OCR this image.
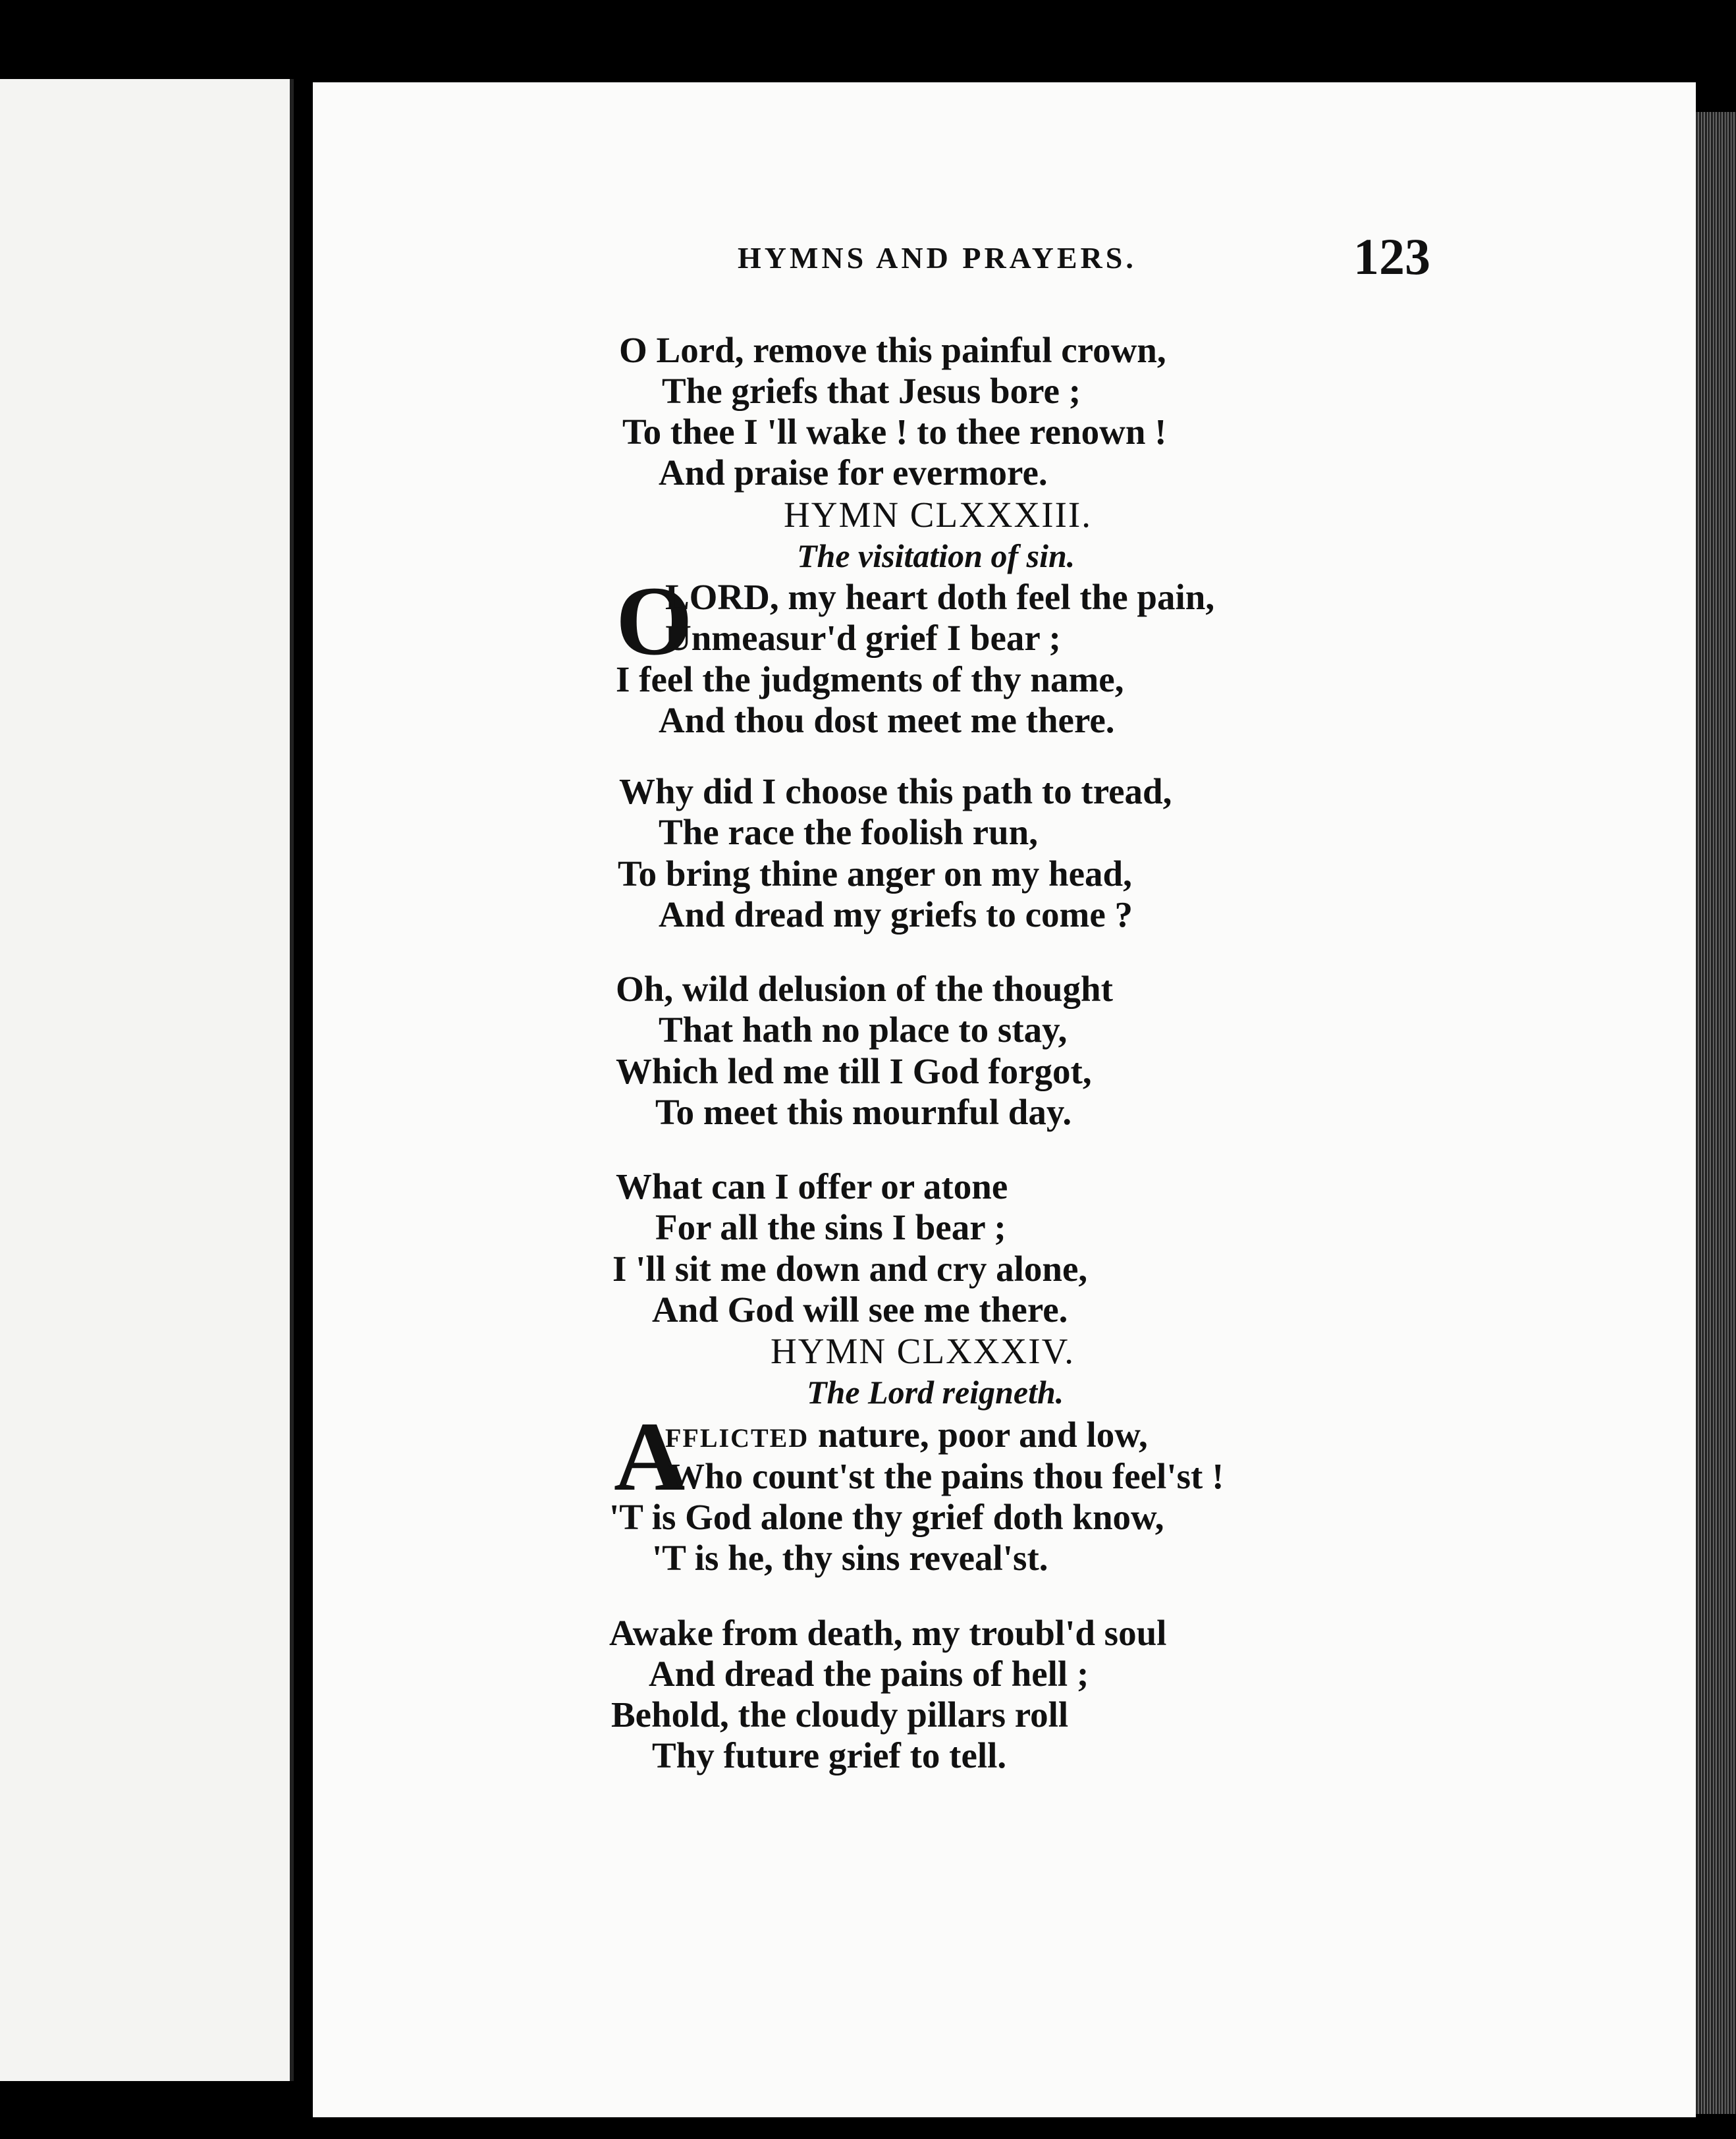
HYMNS AND PRAYERS.	123
O Lord, remove this painful crown,
The griefs that Jesus bore ;
To thee I 'll wake ! to thee renown !
And praise for evermore.
HYMN CLXXXIII.
The visitation of sin.
O
LORD, my heart doth feel the pain,
Unmeasur'd grief I bear ;
I feel the judgments of thy name,
And thou dost meet me there.
Why did I choose this path to tread,
The race the foolish run,
To bring thine anger on my head,
And dread my griefs to come ?
Oh, wild delusion of the thought
That hath no place to stay,
Which led me till I God forgot,
To meet this mournful day.
What can I offer or atone
For all the sins I bear ;
I 'll sit me down and cry alone,
And God will see me there.
HYMN CLXXXIV.
The Lord reigneth.
A
FFLICTED nature, poor and low,
Who count'st the pains thou feel'st !
'T is God alone thy grief doth know,
'T is he, thy sins reveal'st.
Awake from death, my troubl'd soul
And dread the pains of hell ;
Behold, the cloudy pillars roll
Thy future grief to tell.
